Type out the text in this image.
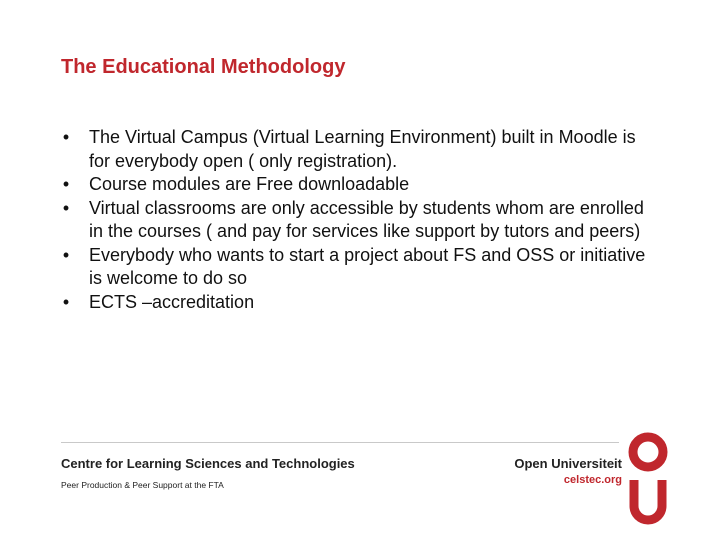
The Educational Methodology
• The Virtual Campus (Virtual Learning Environment) built in Moodle is for everybody open ( only registration).
• Course modules are Free downloadable
• Virtual classrooms are only accessible by students whom are enrolled in the courses ( and pay for services like support by tutors and peers)
• Everybody who wants to start a project about FS and OSS or initiative is welcome to do so
• ECTS –accreditation
Centre for Learning Sciences and Technologies
Peer Production & Peer Support at the FTA
Open Universiteit
celstec.org
